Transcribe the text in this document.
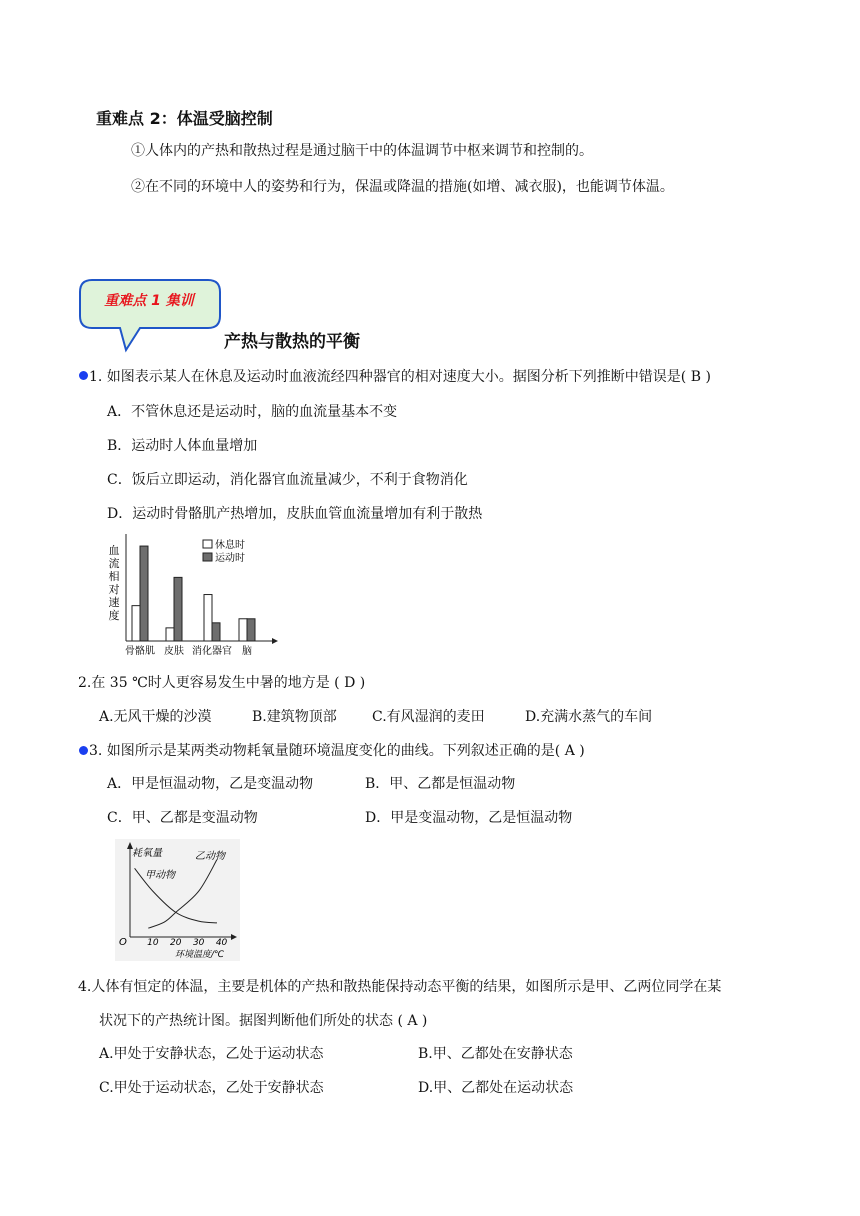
重难点 2：体温受脑控制
①人体内的产热和散热过程是通过脑干中的体温调节中枢来调节和控制的。
②在不同的环境中人的姿势和行为，保温或降温的措施(如增、减衣服)，也能调节体温。
重难点 1 集训
产热与散热的平衡
1. 如图表示某人在休息及运动时血液流经四种器官的相对速度大小。据图分析下列推断中错误是( B )
A．不管休息还是运动时，脑的血流量基本不变
B．运动时人体血量增加
C．饭后立即运动，消化器官血流量减少，不利于食物消化
D．运动时骨骼肌产热增加，皮肤血管血流量增加有利于散热
血
流
相
对
速
度
骨骼肌 皮肤 消化器官 脑
休息时
运动时
2.在 35 ℃时人更容易发生中暑的地方是 ( D )
A.无风干燥的沙漠	B.建筑物顶部	C.有风湿润的麦田	D.充满水蒸气的车间
3. 如图所示是某两类动物耗氧量随环境温度变化的曲线。下列叙述正确的是( A )
A．甲是恒温动物，乙是变温动物	B．甲、乙都是恒温动物
C．甲、乙都是变温动物	D．甲是变温动物，乙是恒温动物
耗氧量
O
环境温度/℃
10 20 30 40
甲动物
乙动物
4.人体有恒定的体温，主要是机体的产热和散热能保持动态平衡的结果，如图所示是甲、乙两位同学在某
状况下的产热统计图。据图判断他们所处的状态 ( A )
A.甲处于安静状态，乙处于运动状态	B.甲、乙都处在安静状态
C.甲处于运动状态，乙处于安静状态	D.甲、乙都处在运动状态
